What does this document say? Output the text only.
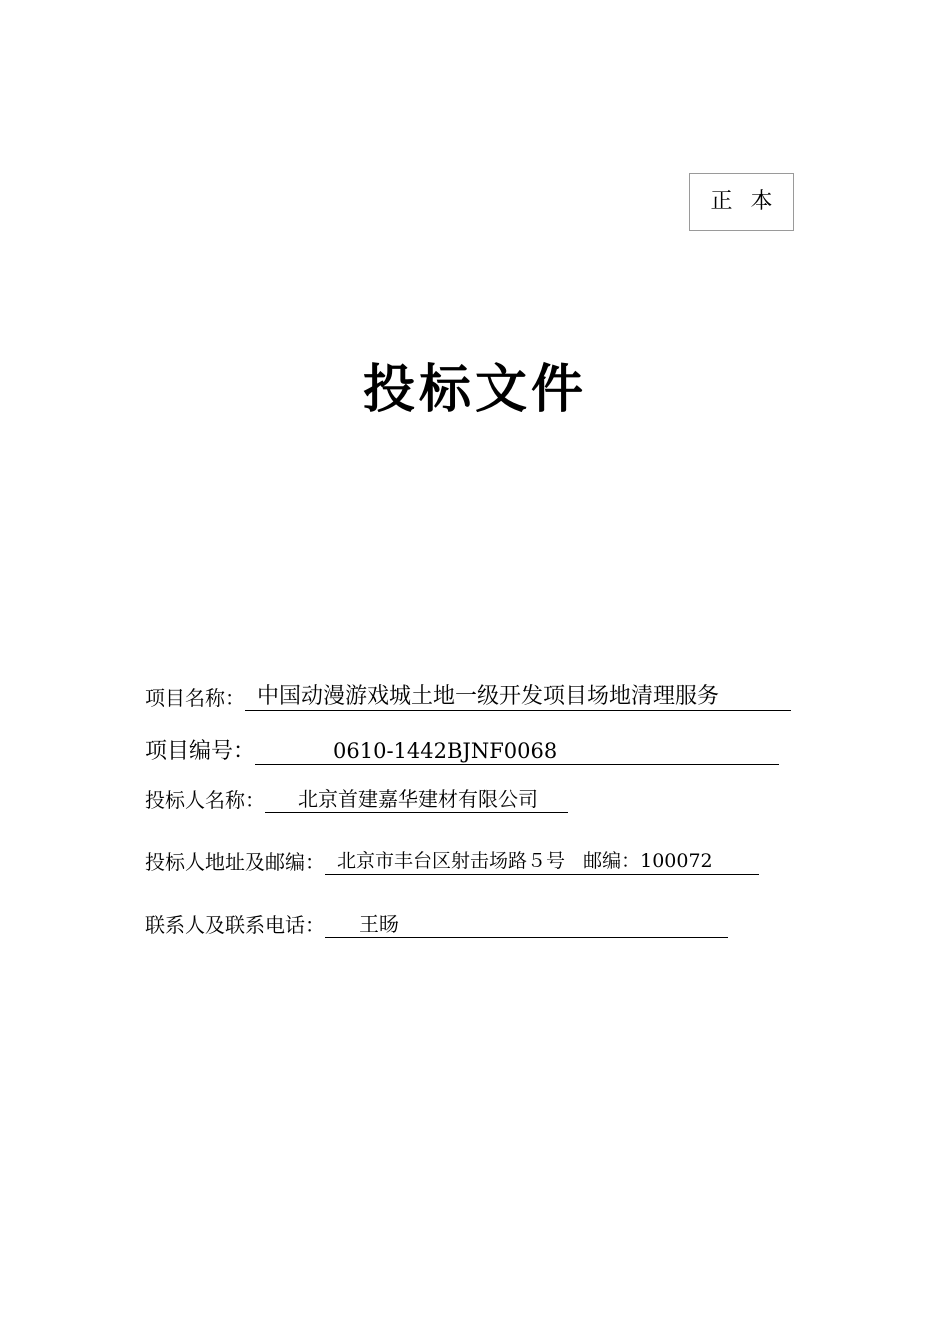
正本
投标文件
项目名称： 中国动漫游戏城土地一级开发项目场地清理服务
项目编号：	0610-1442BJNF0068
投标人名称：	北京首建嘉华建材有限公司
投标人地址及邮编： 北京市丰台区射击场路５号   邮编：100072
联系人及联系电话：	王旸
